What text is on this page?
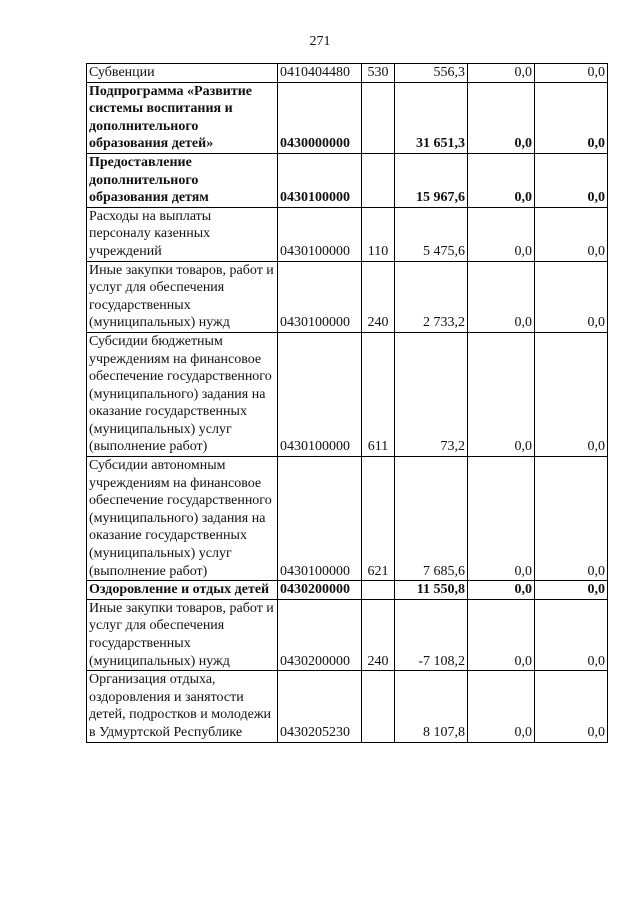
271
Субвенции	0410404480	530	556,3	0,0	0,0
Подпрограмма «Развитие системы воспитания и дополнительного образования детей»	0430000000		31 651,3	0,0	0,0
Предоставление дополнительного образования детям	0430100000		15 967,6	0,0	0,0
Расходы на выплаты персоналу казенных учреждений	0430100000	110	5 475,6	0,0	0,0
Иные закупки товаров, работ и услуг для обеспечения государственных (муниципальных) нужд	0430100000	240	2 733,2	0,0	0,0
Субсидии бюджетным учреждениям на финансовое обеспечение государственного (муниципального) задания на оказание государственных (муниципальных) услуг (выполнение работ)	0430100000	611	73,2	0,0	0,0
Субсидии автономным учреждениям на финансовое обеспечение государственного (муниципального) задания на оказание государственных (муниципальных) услуг (выполнение работ)	0430100000	621	7 685,6	0,0	0,0
Оздоровление и отдых детей	0430200000		11 550,8	0,0	0,0
Иные закупки товаров, работ и услуг для обеспечения государственных (муниципальных) нужд	0430200000	240	-7 108,2	0,0	0,0
Организация отдыха, оздоровления и занятости детей, подростков и молодежи в Удмуртской Республике	0430205230		8 107,8	0,0	0,0
